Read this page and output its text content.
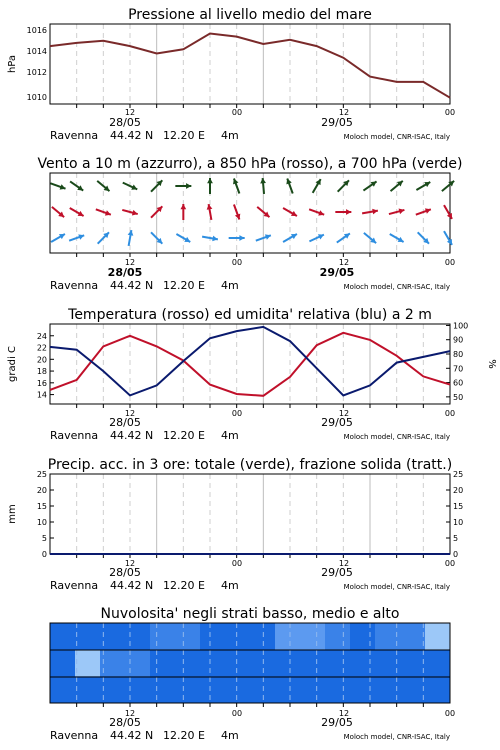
Pressione al livello medio del mare
hPa
1016
1014
1012
1010
12	00	12	00
28/05	29/05
Ravenna 44.42 N 12.20 E 4m	Moloch model, CNR-ISAC, Italy
Vento a 10 m (azzurro), a 850 hPa (rosso), a 700 hPa (verde)
12	00	12	00
28/05	29/05
Ravenna 44.42 N 12.20 E 4m	Moloch model, CNR-ISAC, Italy
Temperatura (rosso) ed umidita' relativa (blu) a 2 m
gradi C	%
14
16
18
20
22
24
50
60
70
80
90
100
12	00	12	00
28/05	29/05
Ravenna 44.42 N 12.20 E 4m	Moloch model, CNR-ISAC, Italy
Precip. acc. in 3 ore: totale (verde), frazione solida (tratt.)
mm
0
5
10
15
20
25
0
5
10
15
20
25
12	00	12	00
28/05	29/05
Ravenna 44.42 N 12.20 E 4m	Moloch model, CNR-ISAC, Italy
Nuvolosita' negli strati basso, medio e alto
12	00	12	00
28/05	29/05
Ravenna 44.42 N 12.20 E 4m	Moloch model, CNR-ISAC, Italy
